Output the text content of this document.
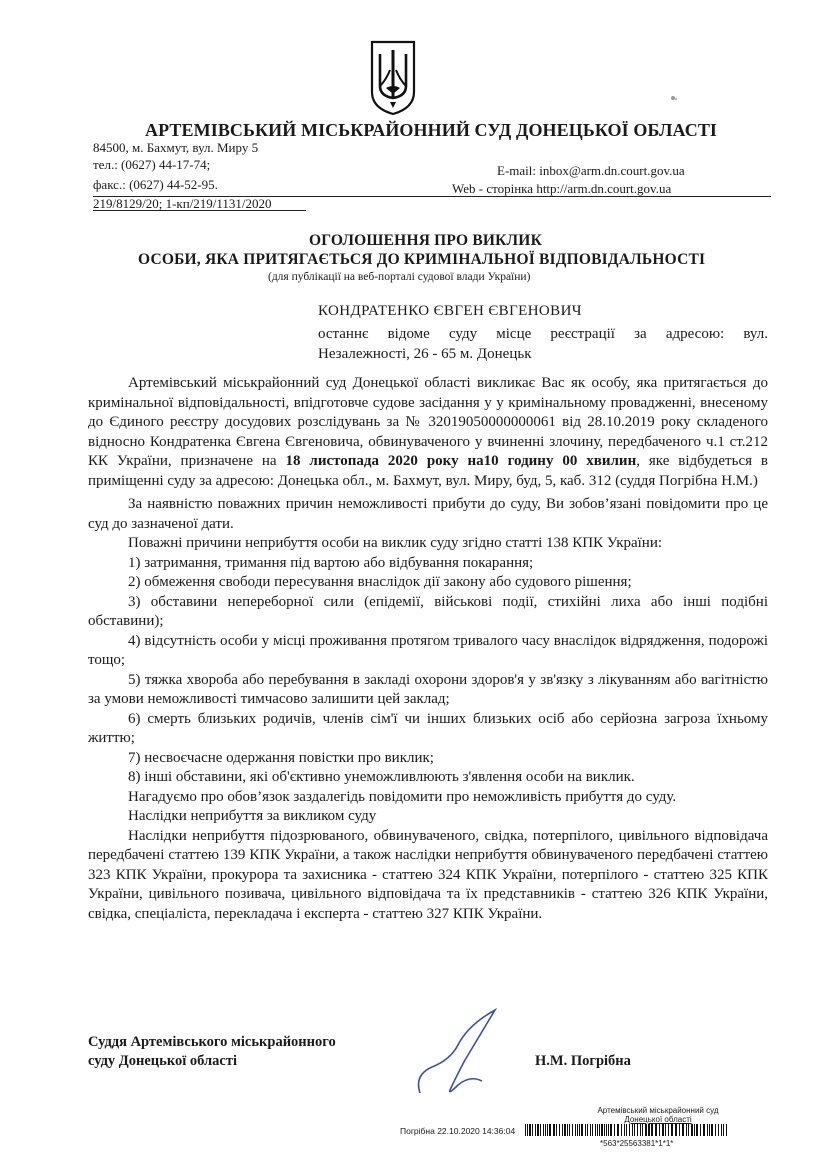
АРТЕМІВСЬКИЙ МІСЬКРАЙОННИЙ СУД ДОНЕЦЬКОЇ ОБЛАСТІ
84500, м. Бахмут, вул. Миру 5
тел.: (0627) 44-17-74;
факс.: (0627) 44-52-95.
E-mail: inbox@arm.dn.court.gov.ua
Web - сторінка http://arm.dn.court.gov.ua
219/8129/20; 1-кп/219/1131/2020
ОГОЛОШЕННЯ ПРО ВИКЛИК
ОСОБИ, ЯКА ПРИТЯГАЄТЬСЯ ДО КРИМІНАЛЬНОЇ ВІДПОВІДАЛЬНОСТІ
(для публікації на веб-порталі судової влади України)
КОНДРАТЕНКО ЄВГЕН ЄВГЕНОВИЧ
останнє відоме суду місце реєстрації за адресою: вул.
Незалежності, 26 - 65 м. Донецьк

Артемівський міськрайонний суд Донецької області викликає Вас як особу, яка притягається до кримінальної відповідальності, впідготовче судове засідання у у кримінальному провадженні, внесеному до Єдиного реєстру досудових розслідувань за № 32019050000000061 від 28.10.2019 року складеного відносно Кондратенка Євгена Євгеновича, обвинуваченого у вчиненні злочину, передбаченого ч.1 ст.212 КК України, призначене на 18 листопада 2020 року на10 годину 00 хвилин, яке відбудеться в приміщенні суду за адресою: Донецька обл., м. Бахмут, вул. Миру, буд, 5, каб. 312 (суддя Погрібна Н.М.)

За наявністю поважних причин неможливості прибути до суду, Ви зобов’язані повідомити про це суд до зазначеної дати.

Поважні причини неприбуття особи на виклик суду згідно статті 138 КПК України:

1) затримання, тримання під вартою або відбування покарання;

2) обмеження свободи пересування внаслідок дії закону або судового рішення;

3) обставини непереборної сили (епідемії, військові події, стихійні лиха або інші подібні обставини);

4) відсутність особи у місці проживання протягом тривалого часу внаслідок відрядження, подорожі тощо;

5) тяжка хвороба або перебування в закладі охорони здоров'я у зв'язку з лікуванням або вагітністю за умови неможливості тимчасово залишити цей заклад;

6) смерть близьких родичів, членів сім'ї чи інших близьких осіб або серйозна загроза їхньому життю;

7) несвоєчасне одержання повістки про виклик;

8) інші обставини, які об'єктивно унеможливлюють з'явлення особи на виклик.

Нагадуємо про обов’язок заздалегідь повідомити про неможливість прибуття до суду.

Наслідки неприбуття за викликом суду

Наслідки неприбуття підозрюваного, обвинуваченого, свідка, потерпілого, цивільного відповідача передбачені статтею 139 КПК України, а також наслідки неприбуття обвинуваченого передбачені статтею 323 КПК України, прокурора та захисника - статтею 324 КПК України, потерпілого - статтею 325 КПК України, цивільного позивача, цивільного відповідача та їх представників - статтею 326 КПК України, свідка, спеціаліста, перекладача і експерта - статтею 327 КПК України.

Суддя Артемівського міськрайонного
суду Донецької області	Н.М. Погрібна
Артемівський міськрайонний суд
Донецької області
Погрібна 22.10.2020 14:36:04
*563*25563381*1*1*
